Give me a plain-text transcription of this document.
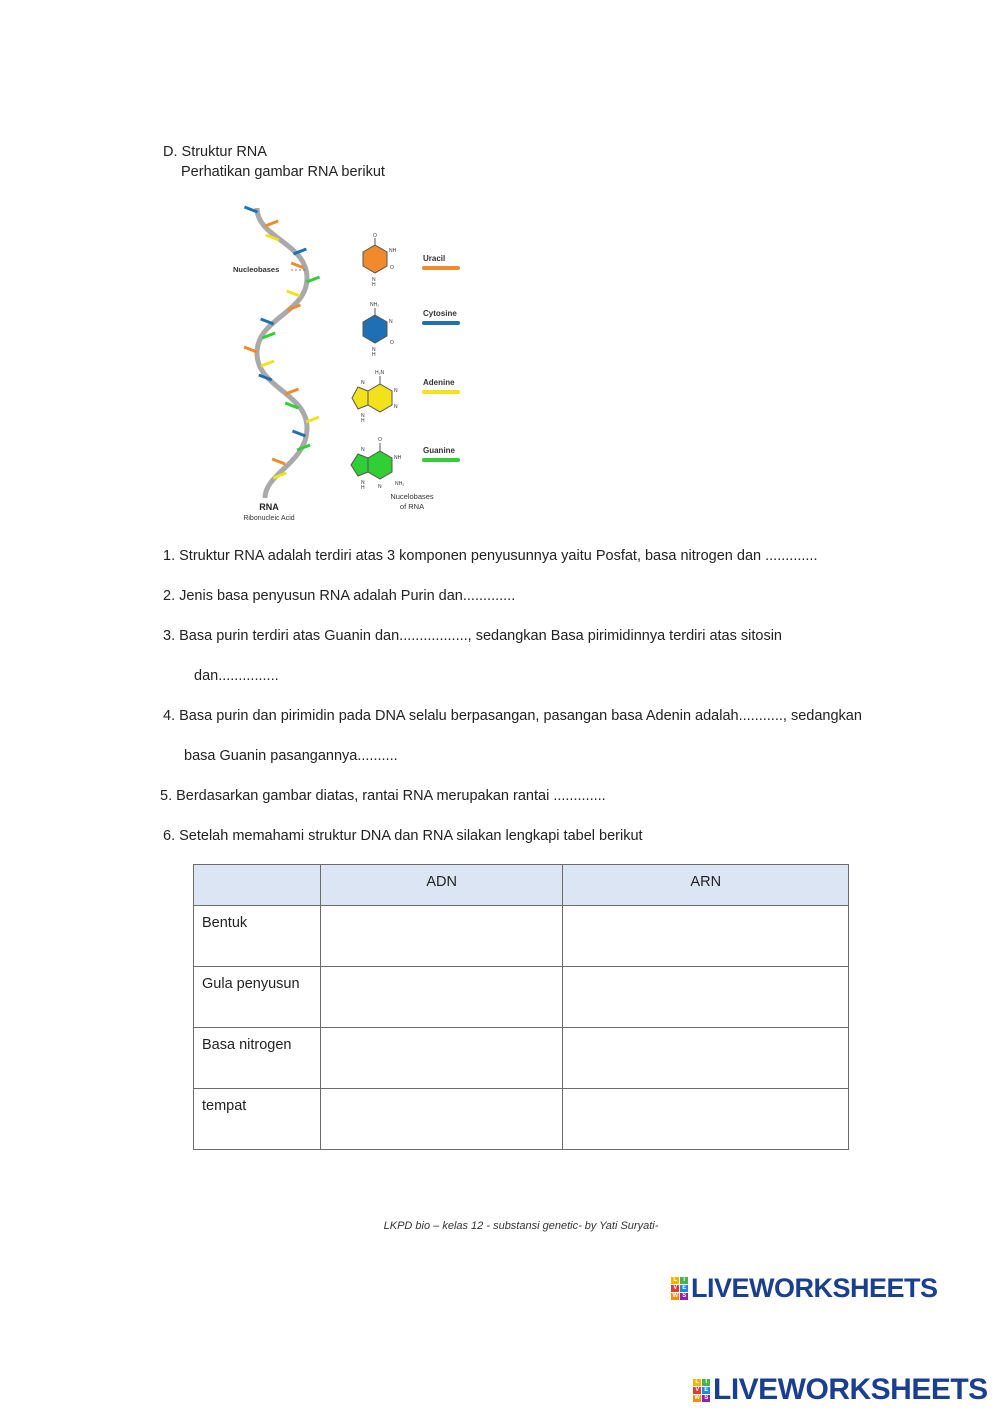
D. Struktur RNA
Perhatikan gambar RNA berikut
Nucleobases
RNA
Ribonucleic Acid
O
NH
O
N
H
NH₂
N
O
N
H
H₂N
N
N
N
N
H
O
NH
NH₂
N
N
N
H
Uracil
Cytosine
Adenine
Guanine
Nucelobases
of RNA
1. Struktur RNA adalah terdiri atas 3 komponen penyusunnya yaitu Posfat, basa nitrogen dan .............
2. Jenis basa penyusun RNA adalah Purin dan.............
3. Basa purin terdiri atas Guanin dan................., sedangkan Basa pirimidinnya terdiri atas sitosin
dan...............
4. Basa purin dan pirimidin pada DNA selalu berpasangan, pasangan basa Adenin adalah..........., sedangkan
basa Guanin pasangannya..........
5. Berdasarkan gambar diatas, rantai RNA merupakan rantai .............
6. Setelah memahami struktur DNA dan RNA silakan lengkapi tabel berikut
	ADN	ARN
Bentuk		
Gula penyusun		
Basa nitrogen		
tempat		
LKPD bio – kelas 12 - substansi genetic- by Yati Suryati-
L	I
V E
W S LIVEWORKSHEETS
L	I
V E
W S LIVEWORKSHEETS
